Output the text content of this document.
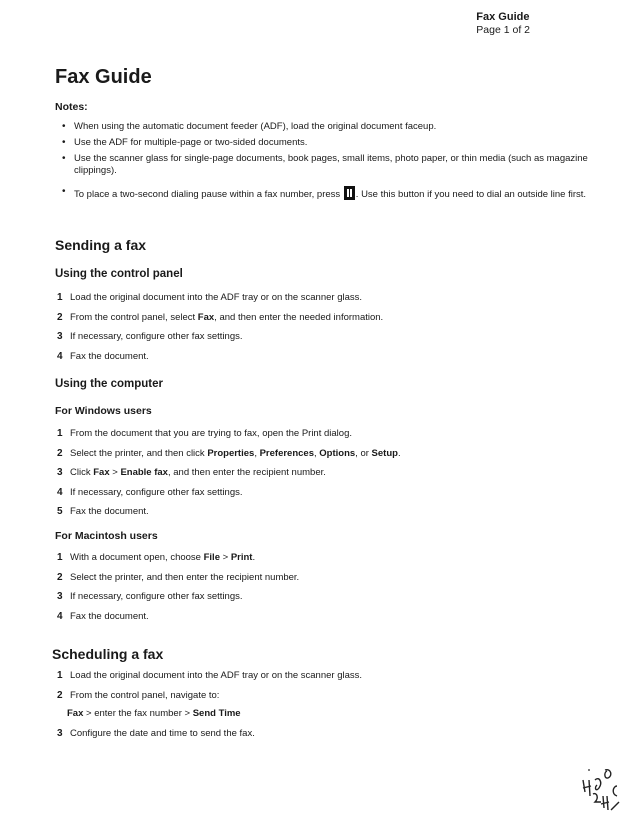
Fax Guide
Page 1 of 2
Fax Guide
Notes:
• When using the automatic document feeder (ADF), load the original document faceup.
• Use the ADF for multiple-page or two-sided documents.
• Use the scanner glass for single-page documents, book pages, small items, photo paper, or thin media (such as magazine clippings).
• To place a two-second dialing pause within a fax number, press . Use this button if you need to dial an outside line first.
Sending a fax
Using the control panel
1 Load the original document into the ADF tray or on the scanner glass.
2 From the control panel, select Fax, and then enter the needed information.
3 If necessary, configure other fax settings.
4 Fax the document.
Using the computer
For Windows users
1 From the document that you are trying to fax, open the Print dialog.
2 Select the printer, and then click Properties, Preferences, Options, or Setup.
3 Click Fax > Enable fax, and then enter the recipient number.
4 If necessary, configure other fax settings.
5 Fax the document.
For Macintosh users
1 With a document open, choose File > Print.
2 Select the printer, and then enter the recipient number.
3 If necessary, configure other fax settings.
4 Fax the document.
Scheduling a fax
1 Load the original document into the ADF tray or on the scanner glass.
2 From the control panel, navigate to:
3 Configure the date and time to send the fax.
Fax > enter the fax number > Send Time
